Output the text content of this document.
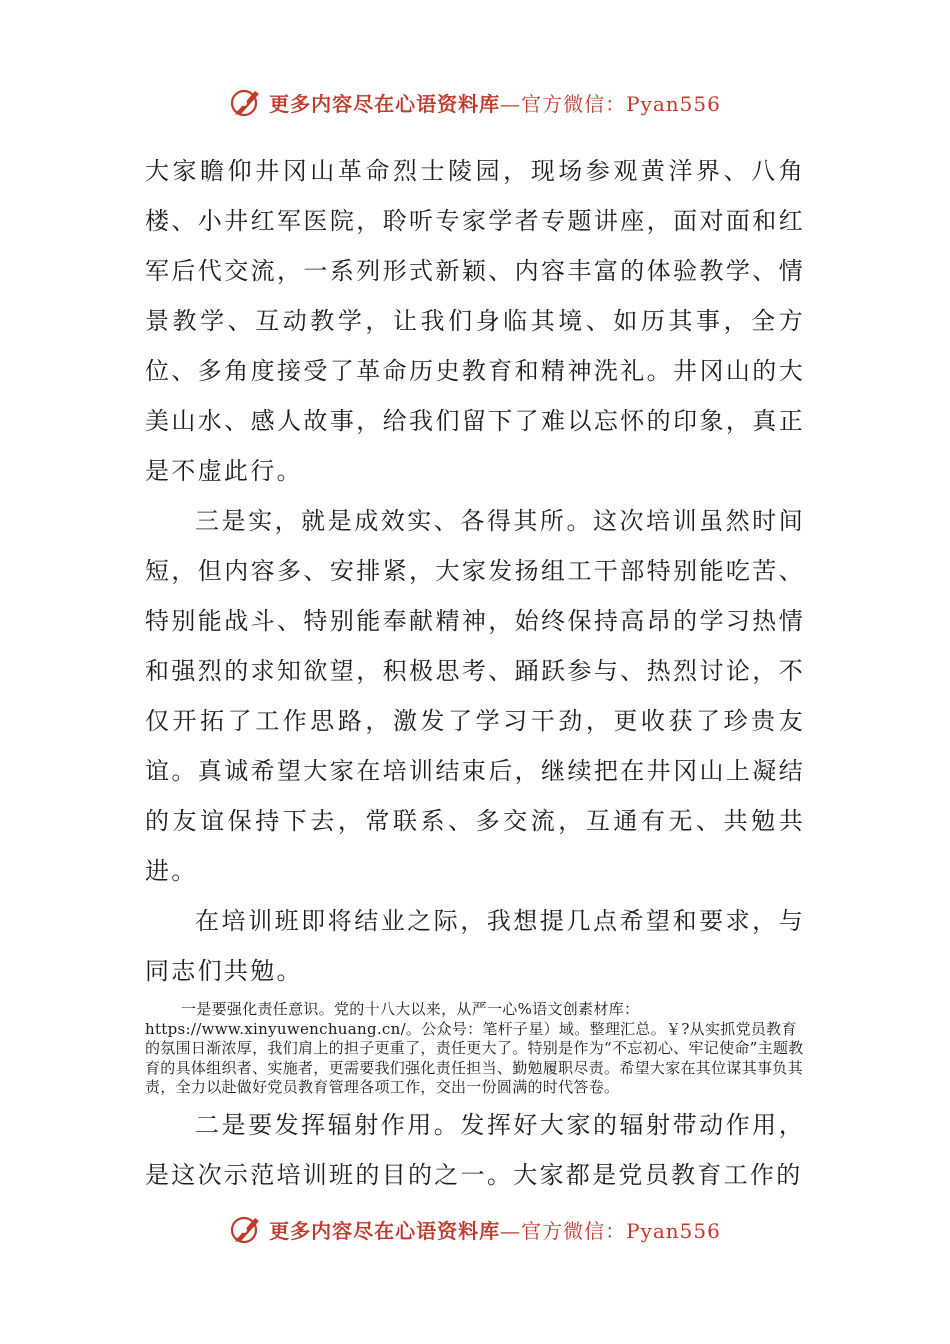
更多内容尽在心语资料库—官方微信：Pyan556

大家瞻仰井冈山革命烈士陵园，现场参观黄洋界、八角楼、小井红军医院，聆听专家学者专题讲座，面对面和红军后代交流，一系列形式新颖、内容丰富的体验教学、情景教学、互动教学，让我们身临其境、如历其事，全方位、多角度接受了革命历史教育和精神洗礼。井冈山的大美山水、感人故事，给我们留下了难以忘怀的印象，真正是不虚此行。

三是实，就是成效实、各得其所。这次培训虽然时间短，但内容多、安排紧，大家发扬组工干部特别能吃苦、特别能战斗、特别能奉献精神，始终保持高昂的学习热情和强烈的求知欲望，积极思考、踊跃参与、热烈讨论，不仅开拓了工作思路，激发了学习干劲，更收获了珍贵友谊。真诚希望大家在培训结束后，继续把在井冈山上凝结的友谊保持下去，常联系、多交流，互通有无、共勉共进。

在培训班即将结业之际，我想提几点希望和要求，与同志们共勉。

一是要强化责任意识。党的十八大以来，从严一心%语文创素材库：https://www.xinyuwenchuang.cn/。公众号：笔杆子星）域。整理汇总。￥?从实抓党员教育的氛围日渐浓厚，我们肩上的担子更重了，责任更大了。特别是作为“不忘初心、牢记使命”主题教育的具体组织者、实施者，更需要我们强化责任担当、勤勉履职尽责。希望大家在其位谋其事负其责，全力以赴做好党员教育管理各项工作，交出一份圆满的时代答卷。

二是要发挥辐射作用。发挥好大家的辐射带动作用，是这次示范培训班的目的之一。大家都是党员教育工作的

更多内容尽在心语资料库—官方微信：Pyan556
